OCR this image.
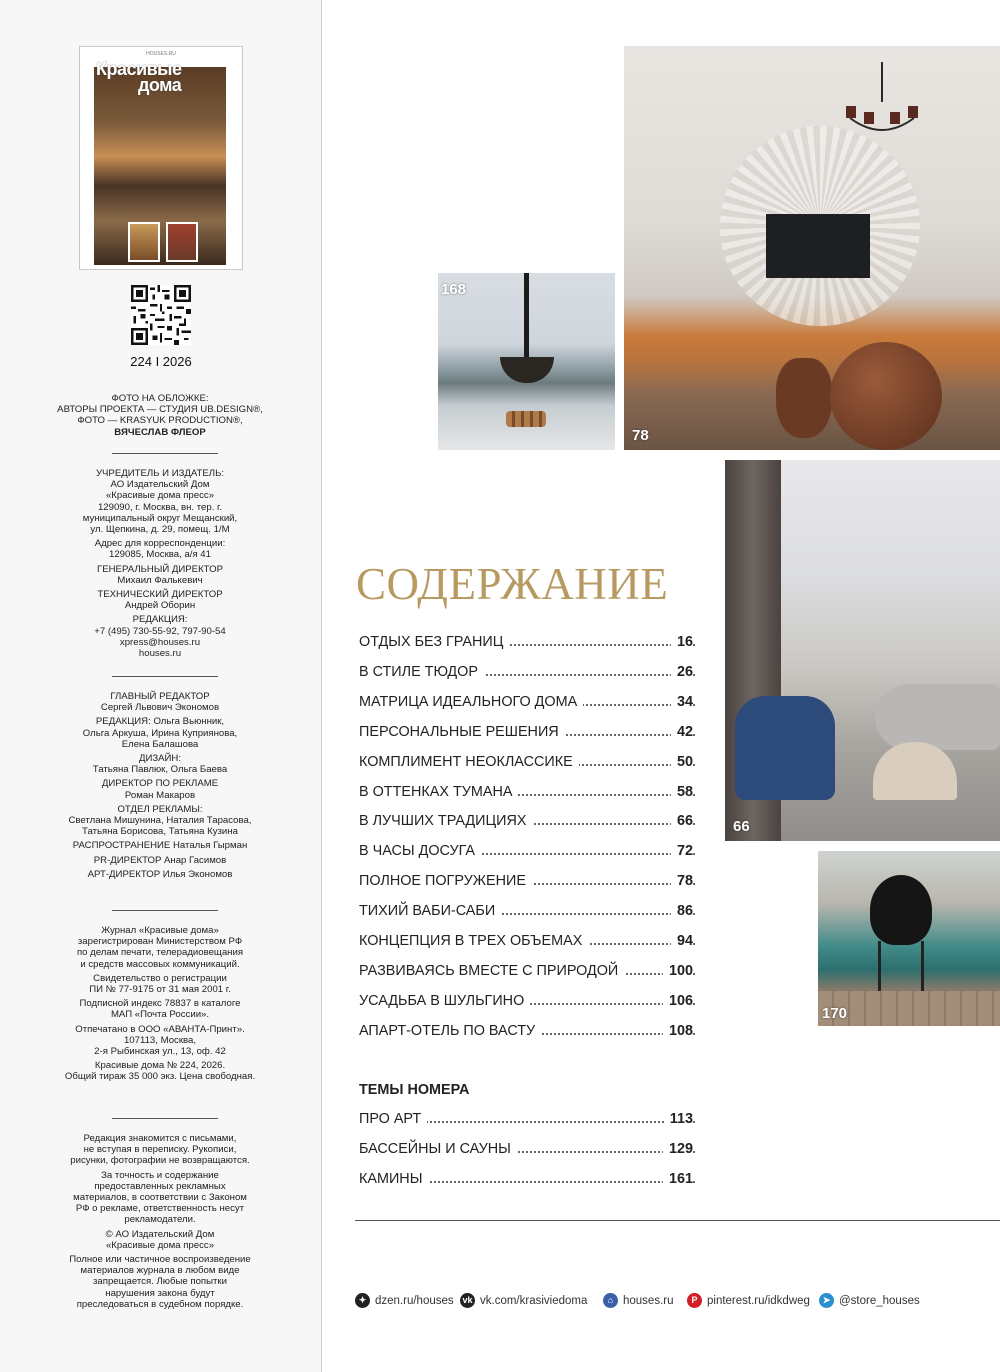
HOUSES.RU
Красивые
дома
224 I 2026

ФОТО НА ОБЛОЖКЕ:

АВТОРЫ ПРОЕКТА — СТУДИЯ UB.DESIGN®,

ФОТО — KRASYUK PRODUCTION®,

ВЯЧЕСЛАВ ФЛЕОР

УЧРЕДИТЕЛЬ И ИЗДАТЕЛЬ:

АО Издательский Дом

«Красивые дома пресс»

129090, г. Москва, вн. тер. г.

муниципальный округ Мещанский,

ул. Щепкина, д. 29, помещ. 1/М

Адрес для корреспонденции:

129085, Москва, а/я 41

ГЕНЕРАЛЬНЫЙ ДИРЕКТОР

Михаил Фалькевич

ТЕХНИЧЕСКИЙ ДИРЕКТОР

Андрей Оборин

РЕДАКЦИЯ:

+7 (495) 730-55-92, 797-90-54

xpress@houses.ru

houses.ru

ГЛАВНЫЙ РЕДАКТОР

Сергей Львович Экономов

РЕДАКЦИЯ: Ольга Вьюнник,

Ольга Аркуша, Ирина Куприянова,

Елена Балашова

ДИЗАЙН:

Татьяна Павлюк, Ольга Баева

ДИРЕКТОР ПО РЕКЛАМЕ

Роман Макаров

ОТДЕЛ РЕКЛАМЫ:

Светлана Мишунина, Наталия Тарасова,

Татьяна Борисова, Татьяна Кузина

РАСПРОСТРАНЕНИЕ Наталья Гырман

PR-ДИРЕКТОР Анар Гасимов

АРТ-ДИРЕКТОР Илья Экономов

Журнал «Красивые дома»

зарегистрирован Министерством РФ

по делам печати, телерадиовещания

и средств массовых коммуникаций.

Свидетельство о регистрации

ПИ № 77-9175 от 31 мая 2001 г.

Подписной индекс 78837 в каталоге

МАП «Почта России».

Отпечатано в ООО «АВАНТА-Принт».

107113, Москва,

2-я Рыбинская ул., 13, оф. 42

Красивые дома № 224, 2026.

Общий тираж 35 000 экз. Цена свободная.

Редакция знакомится с письмами,

не вступая в переписку. Рукописи,

рисунки, фотографии не возвращаются.

За точность и содержание

предоставленных рекламных

материалов, в соответствии с Законом

РФ о рекламе, ответственность несут

рекламодатели.

© АО Издательский Дом

«Красивые дома пресс»

Полное или частичное воспроизведение

материалов журнала в любом виде

запрещается. Любые попытки

нарушения закона будут

преследоваться в судебном порядке.

78
168
66
170
СОДЕРЖАНИЕ
ОТДЫХ БЕЗ ГРАНИЦ	16
В СТИЛЕ ТЮДОР	26
МАТРИЦА ИДЕАЛЬНОГО ДОМА	34
ПЕРСОНАЛЬНЫЕ РЕШЕНИЯ	42
КОМПЛИМЕНТ НЕОКЛАССИКЕ	50
В ОТТЕНКАХ ТУМАНА	58
В ЛУЧШИХ ТРАДИЦИЯХ	66
В ЧАСЫ ДОСУГА	72
ПОЛНОЕ ПОГРУЖЕНИЕ	78
ТИХИЙ ВАБИ-САБИ	86
КОНЦЕПЦИЯ В ТРЕХ ОБЪЕМАХ	94
РАЗВИВАЯСЬ ВМЕСТЕ С ПРИРОДОЙ	100
УСАДЬБА В ШУЛЬГИНО	106
АПАРТ-ОТЕЛЬ ПО ВАСТУ	108
ТЕМЫ НОМЕРА
ПРО АРТ	113
БАССЕЙНЫ И САУНЫ	129
КАМИНЫ	161
✦ dzen.ru/houses vk vk.com/krasiviedoma	⌂ houses.ru	P pinterest.ru/idkdweg	➤ @store_houses
